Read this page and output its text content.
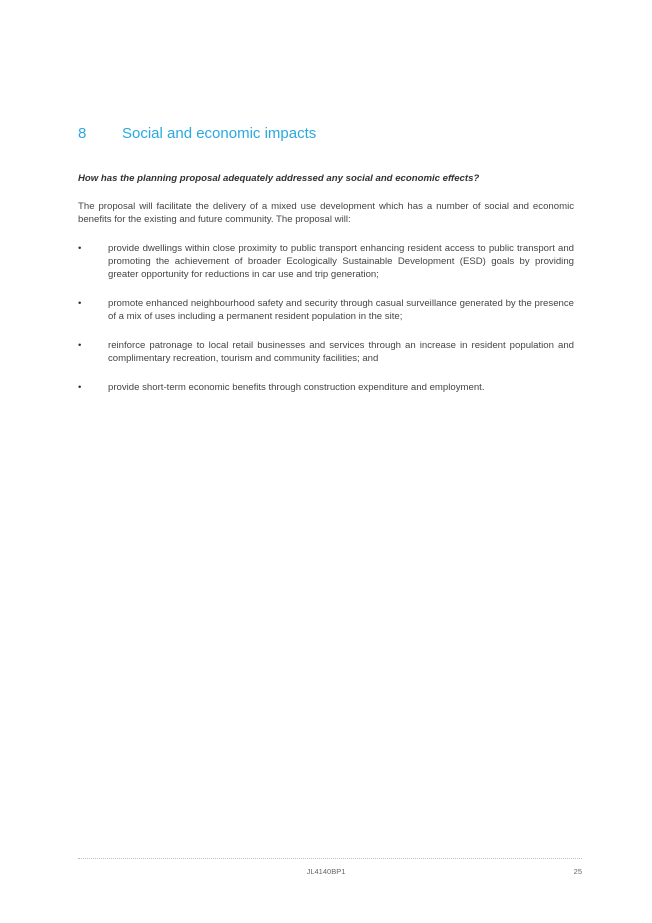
8	Social and economic impacts
How has the planning proposal adequately addressed any social and economic effects?
The proposal will facilitate the delivery of a mixed use development which has a number of social and economic benefits for the existing and future community. The proposal will:
•	provide dwellings within close proximity to public transport enhancing resident access to public transport and promoting the achievement of broader Ecologically Sustainable Development (ESD) goals by providing greater opportunity for reductions in car use and trip generation;
•	promote enhanced neighbourhood safety and security through casual surveillance generated by the presence of a mix of uses including a permanent resident population in the site;
•	reinforce patronage to local retail businesses and services through an increase in resident population and complimentary recreation, tourism and community facilities; and
•	provide short-term economic benefits through construction expenditure and employment.
JL4140BP1	25
